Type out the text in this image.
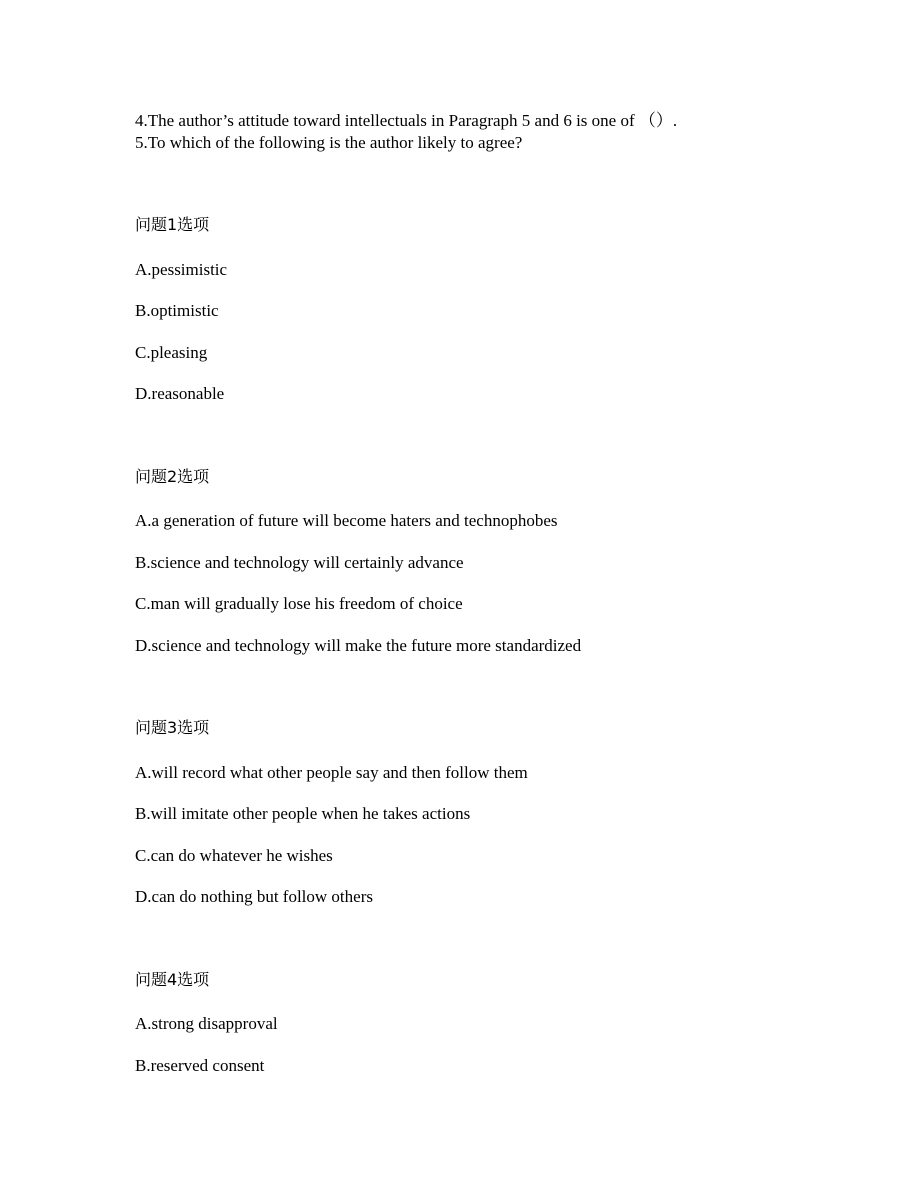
4.The author’s attitude toward intellectuals in Paragraph 5 and 6 is one of （）.
5.To which of the following is the author likely to agree?
问题1选项
A.pessimistic
B.optimistic
C.pleasing
D.reasonable
问题2选项
A.a generation of future will become haters and technophobes
B.science and technology will certainly advance
C.man will gradually lose his freedom of choice
D.science and technology will make the future more standardized
问题3选项
A.will record what other people say and then follow them
B.will imitate other people when he takes actions
C.can do whatever he wishes
D.can do nothing but follow others
问题4选项
A.strong disapproval
B.reserved consent
